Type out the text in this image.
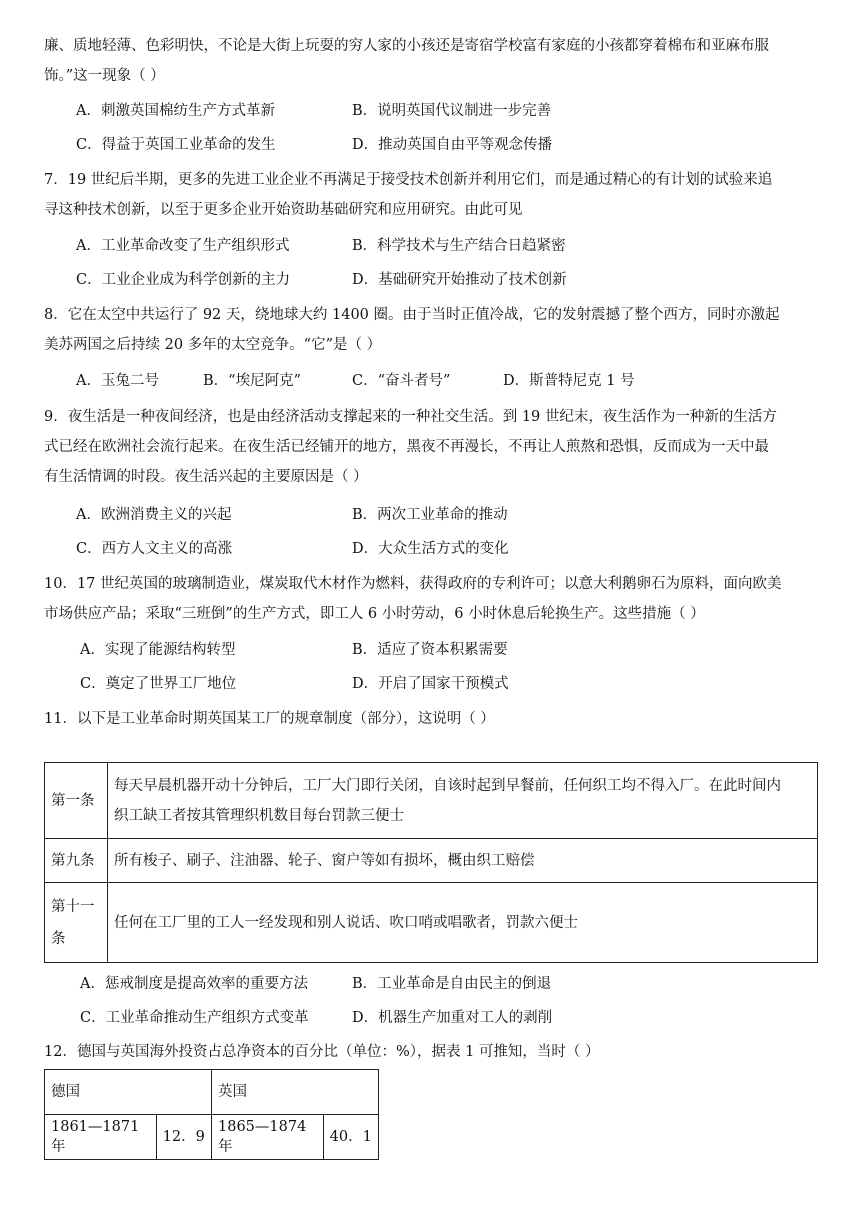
廉、质地轻薄、色彩明快，不论是大街上玩耍的穷人家的小孩还是寄宿学校富有家庭的小孩都穿着棉布和亚麻布服
饰。”这一现象（ ）
A．刺激英国棉纺生产方式革新	B．说明英国代议制进一步完善
C．得益于英国工业革命的发生	D．推动英国自由平等观念传播
7．19 世纪后半期，更多的先进工业企业不再满足于接受技术创新并利用它们，而是通过精心的有计划的试验来追
寻这种技术创新，以至于更多企业开始资助基础研究和应用研究。由此可见
A．工业革命改变了生产组织形式	B．科学技术与生产结合日趋紧密
C．工业企业成为科学创新的主力	D．基础研究开始推动了技术创新
8．它在太空中共运行了 92 天，绕地球大约 1400 圈。由于当时正值冷战，它的发射震撼了整个西方，同时亦激起
美苏两国之后持续 20 多年的太空竞争。“它”是（ ）
A．玉兔二号	B．“埃尼阿克”	C．“奋斗者号”	D．斯普特尼克 1 号
9．夜生活是一种夜间经济，也是由经济活动支撑起来的一种社交生活。到 19 世纪末，夜生活作为一种新的生活方
式已经在欧洲社会流行起来。在夜生活已经铺开的地方，黑夜不再漫长，不再让人煎熬和恐惧，反而成为一天中最
有生活情调的时段。夜生活兴起的主要原因是（ ）
A．欧洲消费主义的兴起	B．两次工业革命的推动
C．西方人文主义的高涨	D．大众生活方式的变化
10．17 世纪英国的玻璃制造业，煤炭取代木材作为燃料，获得政府的专利许可；以意大利鹅卵石为原料，面向欧美
市场供应产品；采取“三班倒”的生产方式，即工人 6 小时劳动，6 小时休息后轮换生产。这些措施（ ）
A．实现了能源结构转型	B．适应了资本积累需要
C．奠定了世界工厂地位	D．开启了国家干预模式
11．以下是工业革命时期英国某工厂的规章制度（部分），这说明（ ）
第一条	每天早晨机器开动十分钟后，工厂大门即行关闭，自该时起到早餐前，任何织工均不得入厂。在此时间内
织工缺工者按其管理织机数目每台罚款三便士

第九条	所有梭子、刷子、注油器、轮子、窗户等如有损坏，概由织工赔偿

第十一
条	任何在工厂里的工人一经发现和别人说话、吹口哨或唱歌者，罚款六便士
A．惩戒制度是提高效率的重要方法	B．工业革命是自由民主的倒退
C．工业革命推动生产组织方式变革	D．机器生产加重对工人的剥削
12．德国与英国海外投资占总净资本的百分比（单位：%），据表 1 可推知，当时（ ）
德国		英国	
1861—1871 年	12．9	1865—1874 年	40．1
